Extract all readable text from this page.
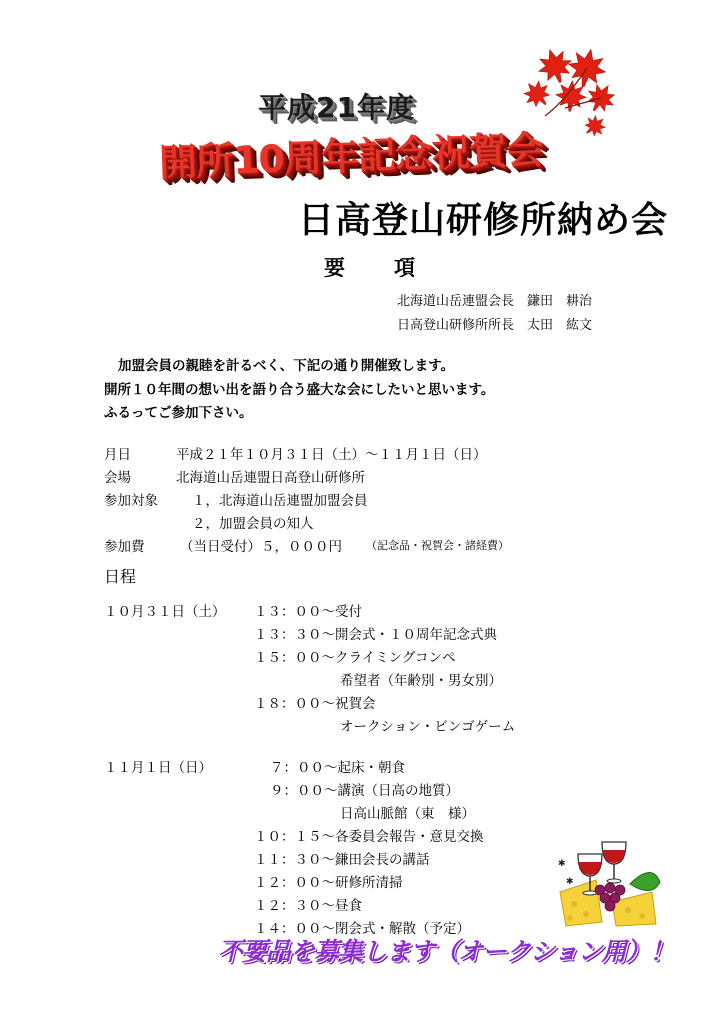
平成21年度
開所10周年記念祝賀会
日高登山研修所納め会
要　項
北海道山岳連盟会長　鎌田　耕治
日高登山研修所所長　太田　紘文
加盟会員の親睦を計るべく、下記の通り開催致します。
開所１０年間の想い出を語り合う盛大な会にしたいと思います。
ふるってご参加下さい。
月日	平成２１年１０月３１日（土）～１１月１日（日）
会場	北海道山岳連盟日高登山研修所
参加対象	１，北海道山岳連盟加盟会員
２，加盟会員の知人
参加費	（当日受付）５，０００円 （記念品・祝賀会・諸経費）
日程
１０月３１日（土） １３：００～受付
１３：３０～開会式・１０周年記念式典
１５：００～クライミングコンペ
希望者（年齢別・男女別）
１８：００～祝賀会
オークション・ビンゴゲーム
１１月１日（日）	７：００～起床・朝食
９：００～講演（日高の地質）
日高山脈館（東　様）
１０：１５～各委員会報告・意見交換
１１：３０～鎌田会長の講話
１２：００～研修所清掃
１２：３０～昼食
１４：００～閉会式・解散（予定）
✱
✱
不要品を募集します（オークション用）！
